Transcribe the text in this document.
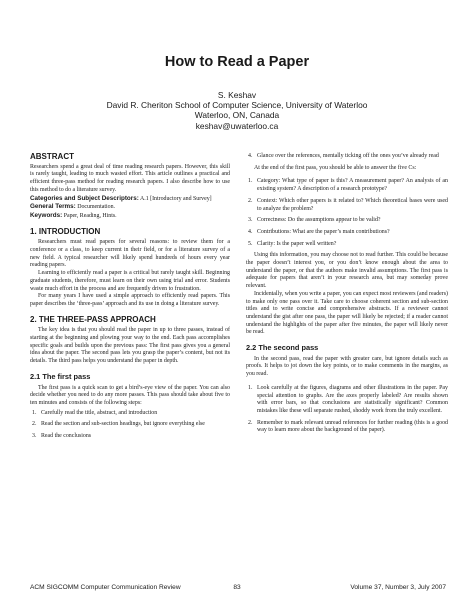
How to Read a Paper
S. Keshav
David R. Cheriton School of Computer Science, University of Waterloo
Waterloo, ON, Canada
keshav@uwaterloo.ca
ABSTRACT

Researchers spend a great deal of time reading research papers. However, this skill is rarely taught, leading to much wasted effort. This article outlines a practical and efficient three-pass method for reading research papers. I also describe how to use this method to do a literature survey.

Categories and Subject Descriptors: A.1 [Introductory and Survey]

General Terms: Documentation.

Keywords: Paper, Reading, Hints.

1. INTRODUCTION

Researchers must read papers for several reasons: to review them for a conference or a class, to keep current in their field, or for a literature survey of a new field. A typical researcher will likely spend hundreds of hours every year reading papers.

Learning to efficiently read a paper is a critical but rarely taught skill. Beginning graduate students, therefore, must learn on their own using trial and error. Students waste much effort in the process and are frequently driven to frustration.

For many years I have used a simple approach to efficiently read papers. This paper describes the ‘three-pass’ approach and its use in doing a literature survey.

2. THE THREE-PASS APPROACH

The key idea is that you should read the paper in up to three passes, instead of starting at the beginning and plowing your way to the end. Each pass accomplishes specific goals and builds upon the previous pass: The first pass gives you a general idea about the paper. The second pass lets you grasp the paper’s content, but not its details. The third pass helps you understand the paper in depth.

2.1 The first pass

The first pass is a quick scan to get a bird’s-eye view of the paper. You can also decide whether you need to do any more passes. This pass should take about five to ten minutes and consists of the following steps:

1. Carefully read the title, abstract, and introduction
2. Read the section and sub-section headings, but ignore everything else
3. Read the conclusions
4. Glance over the references, mentally ticking off the ones you’ve already read

At the end of the first pass, you should be able to answer the five Cs:

1. Category: What type of paper is this? A measurement paper? An analysis of an existing system? A description of a research prototype?
2. Context: Which other papers is it related to? Which theoretical bases were used to analyze the problem?
3. Correctness: Do the assumptions appear to be valid?
4. Contributions: What are the paper’s main contributions?
5. Clarity: Is the paper well written?

Using this information, you may choose not to read further. This could be because the paper doesn’t interest you, or you don’t know enough about the area to understand the paper, or that the authors make invalid assumptions. The first pass is adequate for papers that aren’t in your research area, but may someday prove relevant.

Incidentally, when you write a paper, you can expect most reviewers (and readers) to make only one pass over it. Take care to choose coherent section and sub-section titles and to write concise and comprehensive abstracts. If a reviewer cannot understand the gist after one pass, the paper will likely be rejected; if a reader cannot understand the highlights of the paper after five minutes, the paper will likely never be read.

2.2 The second pass

In the second pass, read the paper with greater care, but ignore details such as proofs. It helps to jot down the key points, or to make comments in the margins, as you read.

1. Look carefully at the figures, diagrams and other illustrations in the paper. Pay special attention to graphs. Are the axes properly labeled? Are results shown with error bars, so that conclusions are statistically significant? Common mistakes like these will separate rushed, shoddy work from the truly excellent.
2. Remember to mark relevant unread references for further reading (this is a good way to learn more about the background of the paper).
ACM SIGCOMM Computer Communication Review	83	Volume 37, Number 3, July 2007
